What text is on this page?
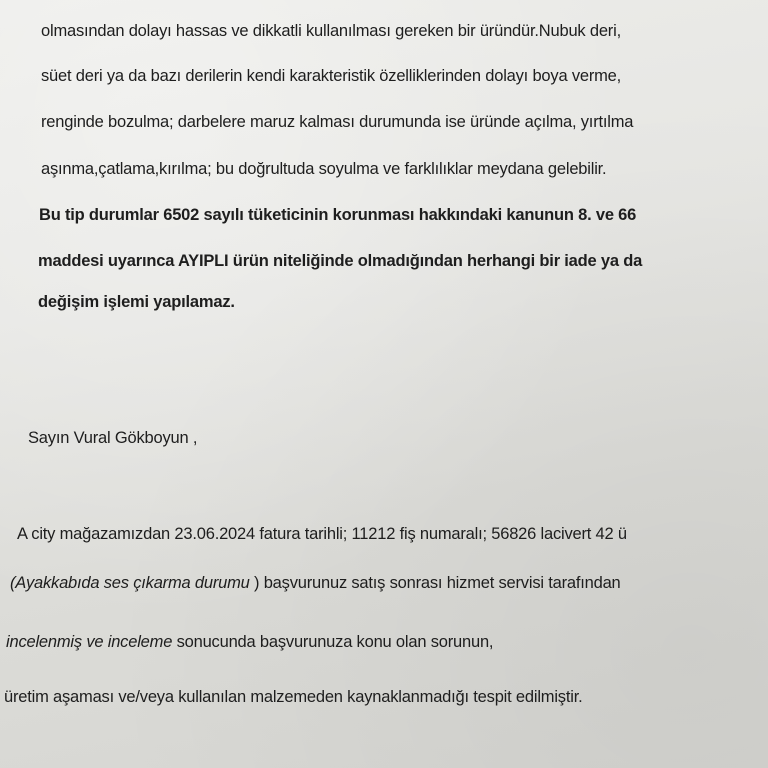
olmasından dolayı hassas ve dikkatli kullanılması gereken bir üründür.Nubuk deri,
süet deri ya da bazı derilerin kendi karakteristik özelliklerinden dolayı boya verme,
renginde bozulma; darbelere maruz kalması durumunda ise üründe açılma, yırtılma
aşınma,çatlama,kırılma; bu doğrultuda soyulma ve farklılıklar meydana gelebilir.
Bu tip durumlar 6502 sayılı tüketicinin korunması hakkındaki kanunun 8. ve 66
maddesi uyarınca AYIPLI ürün niteliğinde olmadığından herhangi bir iade ya da
değişim işlemi yapılamaz.
Sayın Vural Gökboyun ,
A city mağazamızdan 23.06.2024 fatura tarihli; 11212 fiş numaralı; 56826 lacivert 42 ü
(Ayakkabıda ses çıkarma durumu ) başvurunuz satış sonrası hizmet servisi tarafından
incelenmiş ve inceleme sonucunda başvurunuza konu olan sorunun,
üretim aşaması ve/veya kullanılan malzemeden kaynaklanmadığı tespit edilmiştir.
